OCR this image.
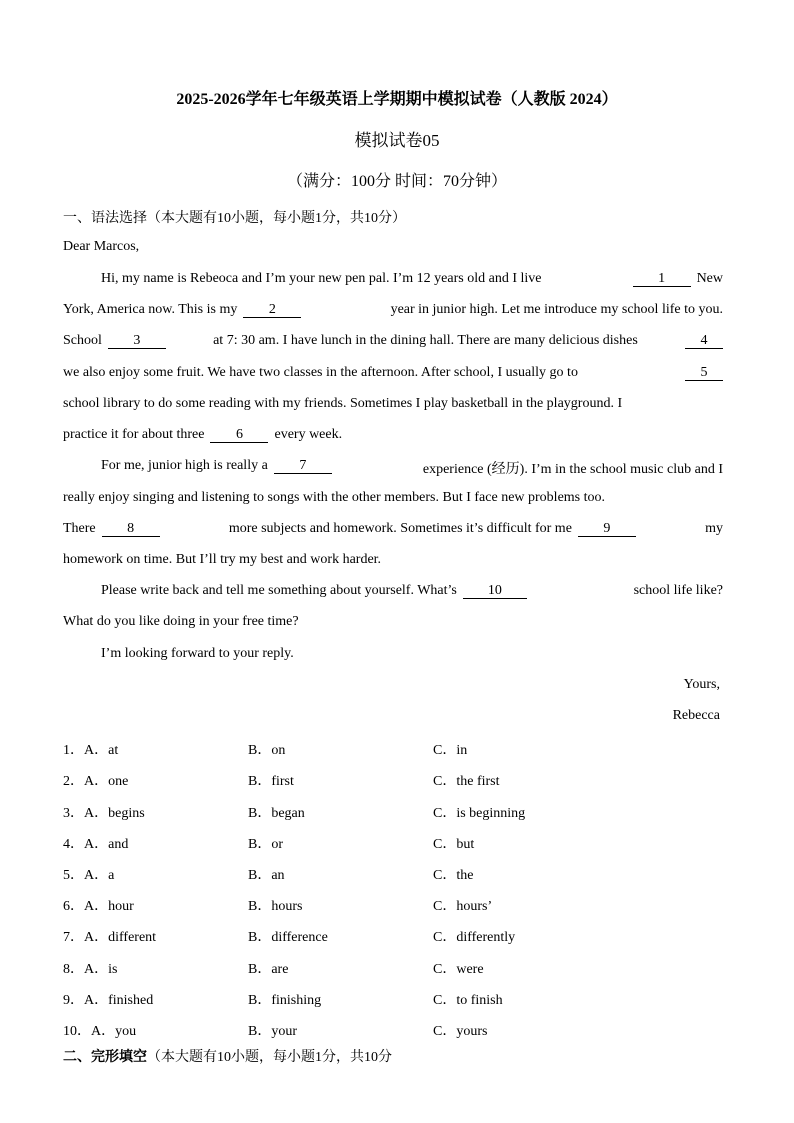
2025-2026学年七年级英语上学期期中模拟试卷（人教版 2024）
模拟试卷05
（满分：100分 时间：70分钟）
一、语法选择（本大题有10小题，每小题1分，共10分）
Dear Marcos,
Hi, my name is Rebeoca and I’m your new pen pal. I’m 12 years old and I live	1 New
York, America now. This is my 2	year in junior high. Let me introduce my school life to you.
School 3	at 7: 30 am. I have lunch in the dining hall. There are many delicious dishes	4
we also enjoy some fruit. We have two classes in the afternoon. After school, I usually go to	5
school library to do some reading with my friends. Sometimes I play basketball in the playground. I
practice it for about three 6 every week.
For me, junior high is really a 7	experience (经历). I’m in the school music club and I
really enjoy singing and listening to songs with the other members. But I face new problems too.
There 8	more subjects and homework. Sometimes it’s difficult for me 9	my
homework on time. But I’ll try my best and work harder.
Please write back and tell me something about yourself. What’s 10	school life like?
What do you like doing in your free time?
I’m looking forward to your reply.
Yours,
Rebecca
1．A．at	B．on	C．in
2．A．one	B．first	C．the first
3．A．begins	B．began	C．is beginning
4．A．and	B．or	C．but
5．A．a	B．an	C．the
6．A．hour	B．hours	C．hours’
7．A．different	B．difference	C．differently
8．A．is	B．are	C．were
9．A．finished	B．finishing	C．to finish
10．A．you	B．your	C．yours
二、完形填空（本大题有10小题，每小题1分，共10分
